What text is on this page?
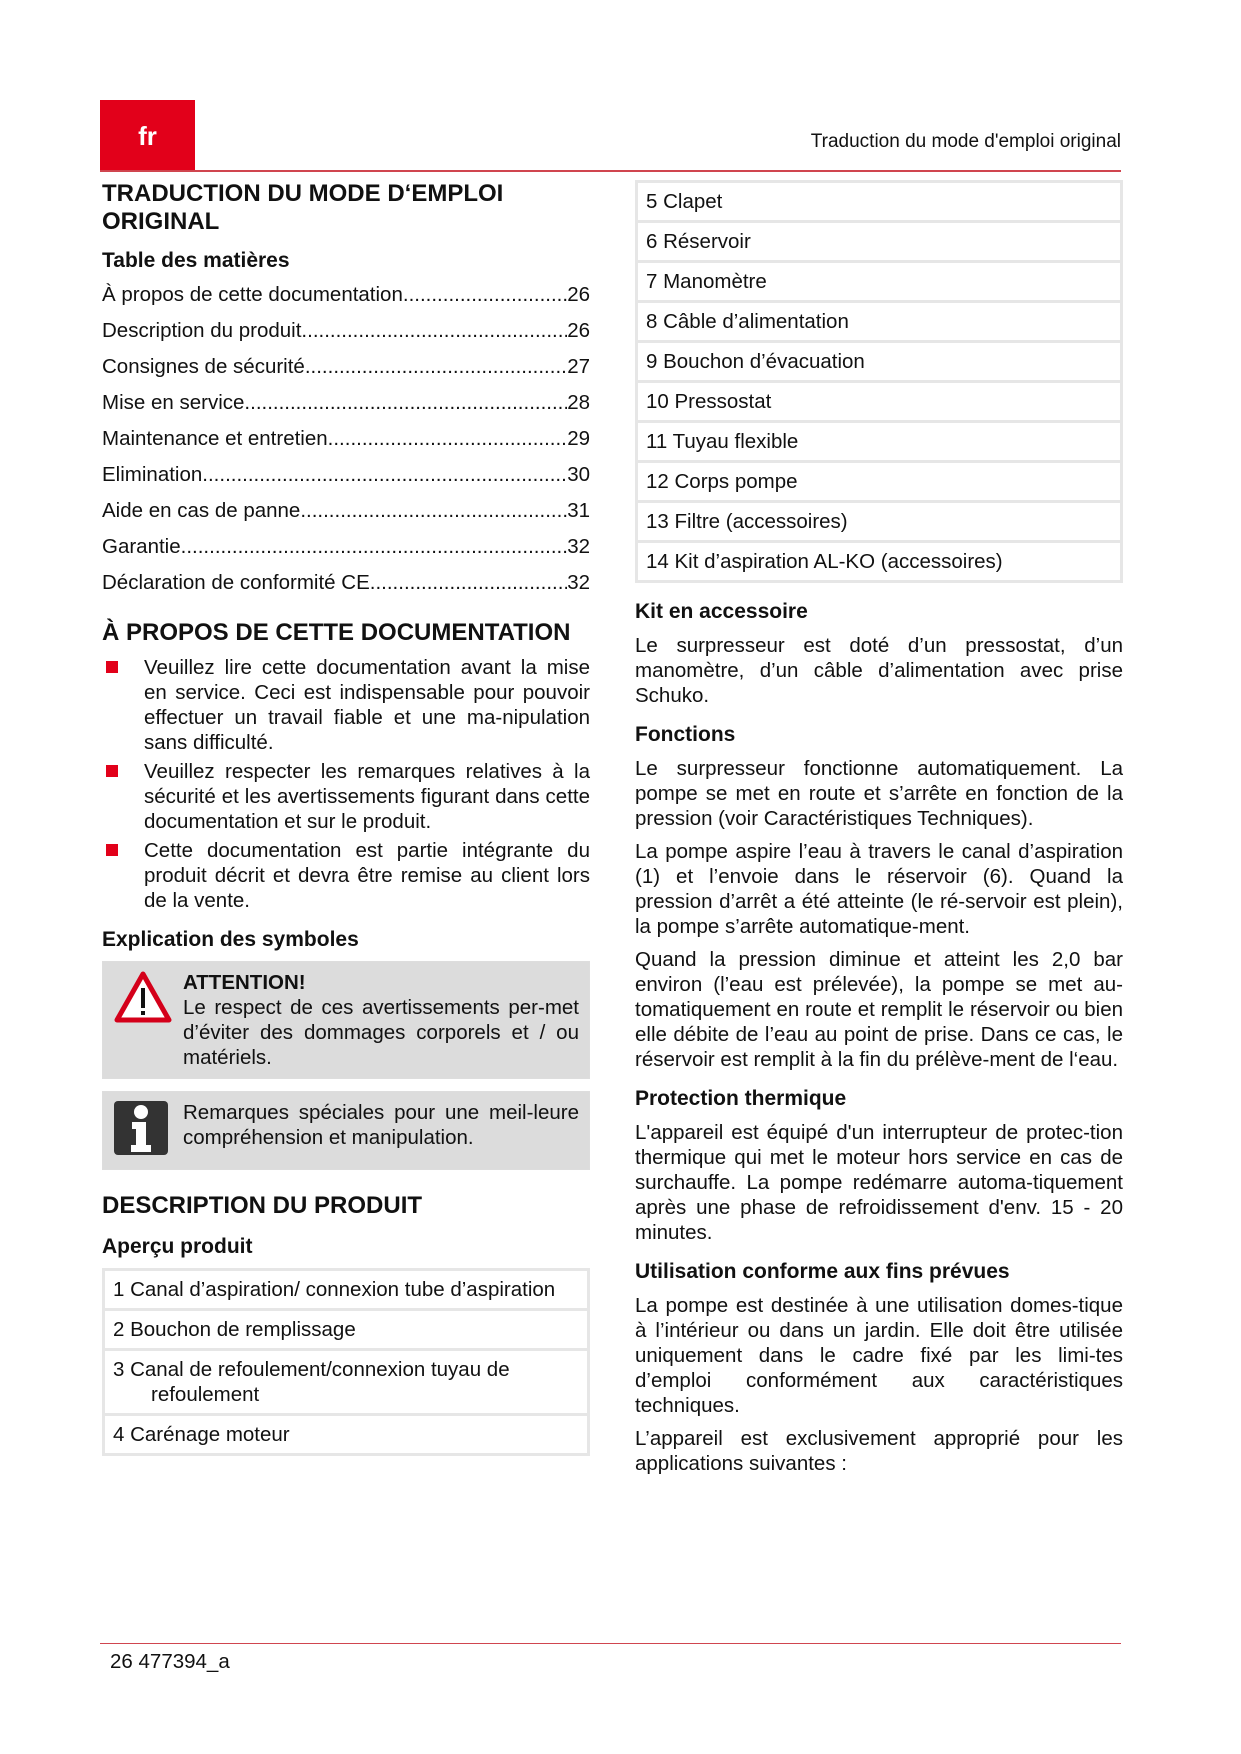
fr	Traduction du mode d'emploi original
TRADUCTION DU MODE D‘EMPLOI ORIGINAL
Table des matières
À propos de cette documentation .....	26
Description du produit .....	26
Consignes de sécurité .....	27
Mise en service .....	28
Maintenance et entretien .....	29
Elimination .....	30
Aide en cas de panne .....	31
Garantie .....	32
Déclaration de conformité CE .....	32
À PROPOS DE CETTE DOCUMENTATION
Veuillez lire cette documentation avant la mise en service. Ceci est indispensable pour pouvoir effectuer un travail fiable et une ma-nipulation sans difficulté.
Veuillez respecter les remarques relatives à la sécurité et les avertissements figurant dans cette documentation et sur le produit.
Cette documentation est partie intégrante du produit décrit et devra être remise au client lors de la vente.
Explication des symboles
ATTENTION!
Le respect de ces avertissements per-met d’éviter des dommages corporels et / ou matériels.
Remarques spéciales pour une meil-leure compréhension et manipulation.
DESCRIPTION DU PRODUIT
Aperçu produit
1 Canal d’aspiration/ connexion tube d’aspiration
2 Bouchon de remplissage
3 Canal de refoulement/connexion tuyau de refoulement
4 Carénage moteur
5 Clapet
6 Réservoir
7 Manomètre
8 Câble d’alimentation
9 Bouchon d’évacuation
10 Pressostat
11 Tuyau flexible
12 Corps pompe
13 Filtre (accessoires)
14 Kit d’aspiration AL-KO (accessoires)
Kit en accessoire

Le surpresseur est doté d’un pressostat, d’un manomètre, d’un câble d’alimentation avec prise Schuko.

Fonctions

Le surpresseur fonctionne automatiquement. La pompe se met en route et s’arrête en fonction de la pression (voir Caractéristiques Techniques).

La pompe aspire l’eau à travers le canal d’aspiration (1) et l’envoie dans le réservoir (6). Quand la pression d’arrêt a été atteinte (le ré-servoir est plein), la pompe s’arrête automatique-ment.

Quand la pression diminue et atteint les 2,0 bar environ (l’eau est prélevée), la pompe se met au-tomatiquement en route et remplit le réservoir ou bien elle débite de l’eau au point de prise. Dans ce cas, le réservoir est remplit à la fin du prélève-ment de l‘eau.

Protection thermique

L'appareil est équipé d'un interrupteur de protec-tion thermique qui met le moteur hors service en cas de surchauffe. La pompe redémarre automa-tiquement après une phase de refroidissement d'env. 15 - 20 minutes.

Utilisation conforme aux fins prévues

La pompe est destinée à une utilisation domes-tique à l’intérieur ou dans un jardin. Elle doit être utilisée uniquement dans le cadre fixé par les limi-tes d’emploi conformément aux caractéristiques techniques.

L’appareil est exclusivement approprié pour les applications suivantes :

26 477394_a
